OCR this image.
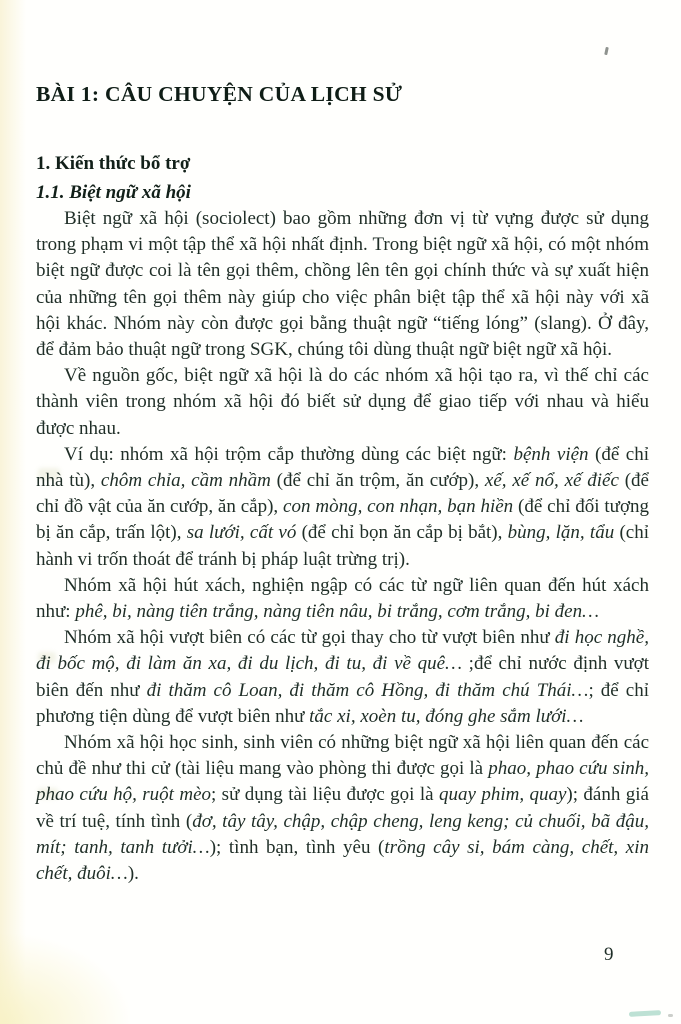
BÀI 1: CÂU CHUYỆN CỦA LỊCH SỬ
1. Kiến thức bổ trợ
1.1. Biệt ngữ xã hội

Biệt ngữ xã hội (sociolect) bao gồm những đơn vị từ vựng được sử dụng trong phạm vi một tập thể xã hội nhất định. Trong biệt ngữ xã hội, có một nhóm biệt ngữ được coi là tên gọi thêm, chồng lên tên gọi chính thức và sự xuất hiện của những tên gọi thêm này giúp cho việc phân biệt tập thể xã hội này với xã hội khác. Nhóm này còn được gọi bằng thuật ngữ “tiếng lóng” (slang). Ở đây, để đảm bảo thuật ngữ trong SGK, chúng tôi dùng thuật ngữ biệt ngữ xã hội.

Về nguồn gốc, biệt ngữ xã hội là do các nhóm xã hội tạo ra, vì thế chỉ các thành viên trong nhóm xã hội đó biết sử dụng để giao tiếp với nhau và hiểu được nhau.

Ví dụ: nhóm xã hội trộm cắp thường dùng các biệt ngữ: bệnh viện (để chỉ nhà tù), chôm chỉa, cầm nhầm (để chỉ ăn trộm, ăn cướp), xế, xế nổ, xế điếc (để chỉ đồ vật của ăn cướp, ăn cắp), con mòng, con nhạn, bạn hiền (để chỉ đối tượng bị ăn cắp, trấn lột), sa lưới, cất vó (để chỉ bọn ăn cắp bị bắt), bùng, lặn, tẩu (chỉ hành vi trốn thoát để tránh bị pháp luật trừng trị).

Nhóm xã hội hút xách, nghiện ngập có các từ ngữ liên quan đến hút xách như: phê, bi, nàng tiên trắng, nàng tiên nâu, bi trắng, cơm trắng, bi đen…

Nhóm xã hội vượt biên có các từ gọi thay cho từ vượt biên như đi học nghề, đi bốc mộ, đi làm ăn xa, đi du lịch, đi tu, đi về quê… ;để chỉ nước định vượt biên đến như đi thăm cô Loan, đi thăm cô Hồng, đi thăm chú Thái…; để chỉ phương tiện dùng để vượt biên như tắc xi, xoèn tu, đóng ghe sắm lưới…

Nhóm xã hội học sinh, sinh viên có những biệt ngữ xã hội liên quan đến các chủ đề như thi cử (tài liệu mang vào phòng thi được gọi là phao, phao cứu sinh, phao cứu hộ, ruột mèo; sử dụng tài liệu được gọi là quay phim, quay); đánh giá về trí tuệ, tính tình (đơ, tây tây, chập, chập cheng, leng keng; củ chuối, bã đậu, mít; tanh, tanh tưởi…); tình bạn, tình yêu (trồng cây si, bám càng, chết, xin chết, đuôi…).

9
